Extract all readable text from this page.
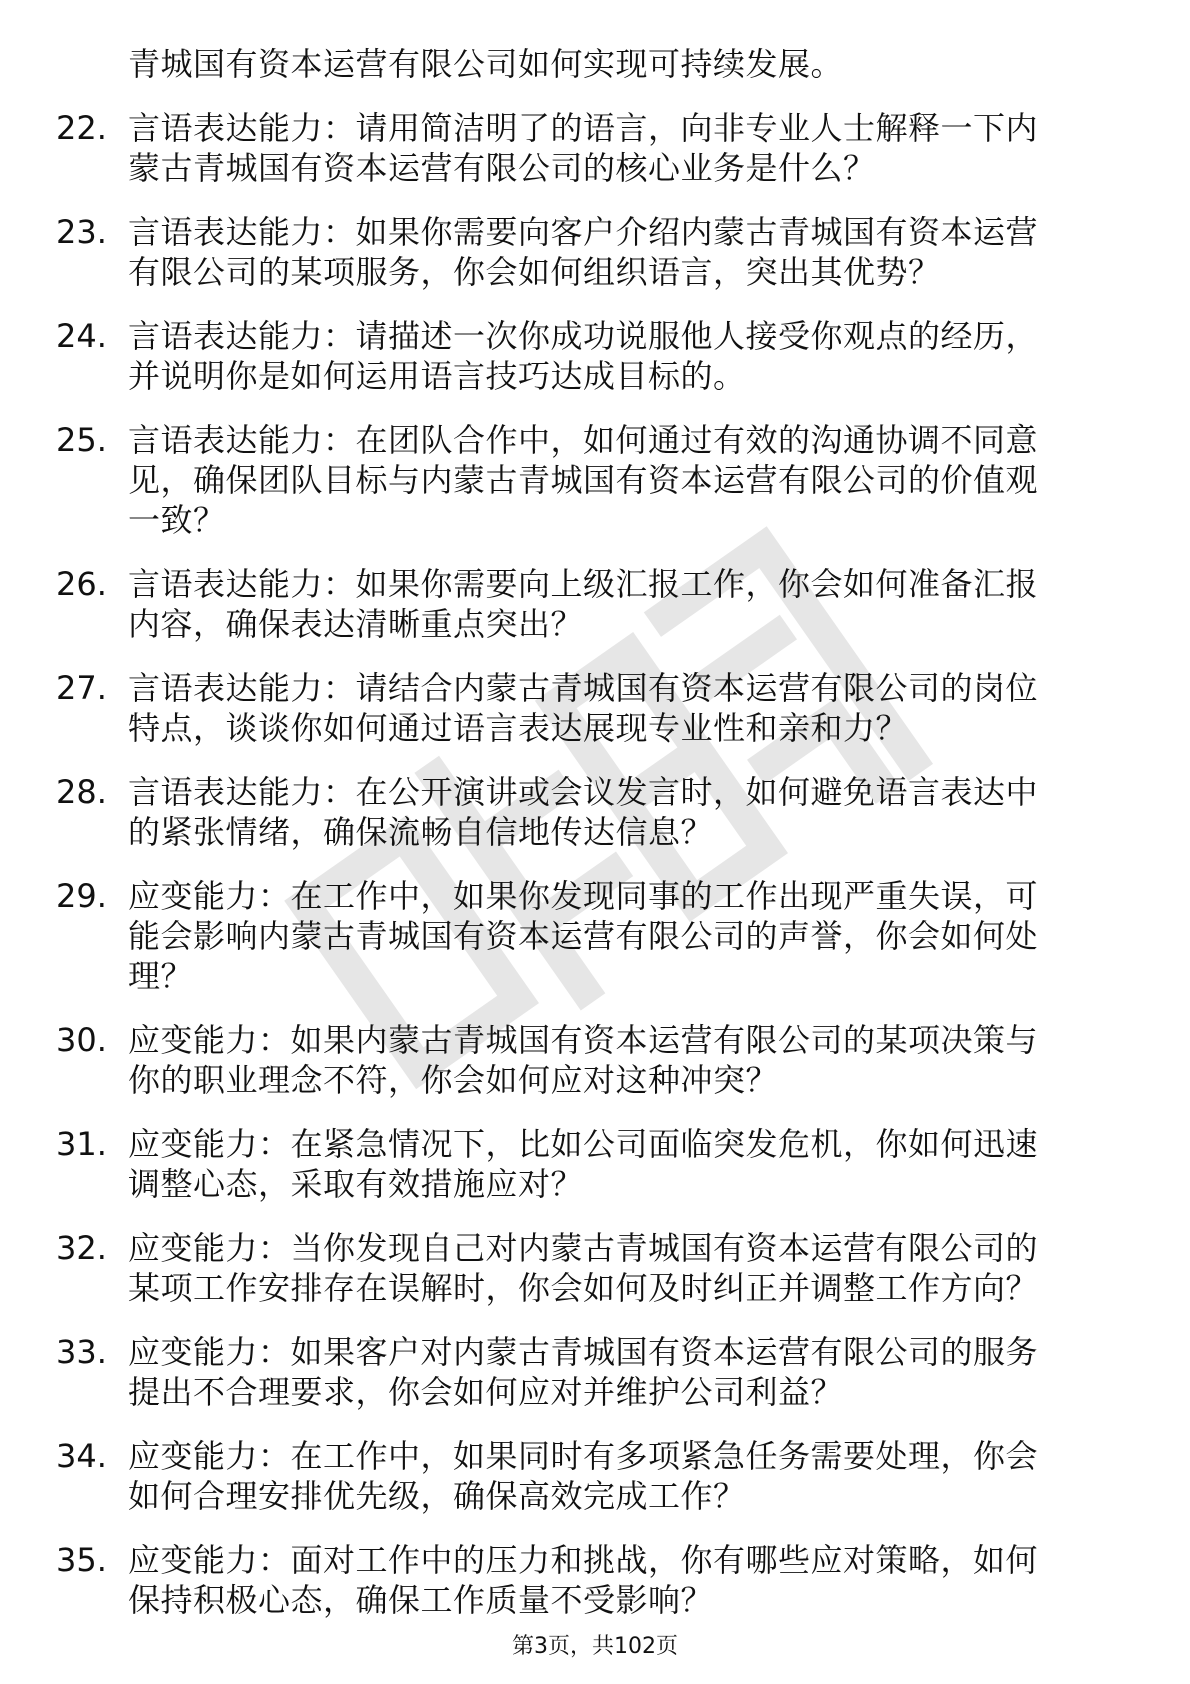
青城国有资本运营有限公司如何实现可持续发展。
22. 言语表达能力：请用简洁明了的语言，向非专业人士解释一下内
蒙古青城国有资本运营有限公司的核心业务是什么？
23. 言语表达能力：如果你需要向客户介绍内蒙古青城国有资本运营
有限公司的某项服务，你会如何组织语言，突出其优势？
24. 言语表达能力：请描述一次你成功说服他人接受你观点的经历，
并说明你是如何运用语言技巧达成目标的。
25. 言语表达能力：在团队合作中，如何通过有效的沟通协调不同意
见，确保团队目标与内蒙古青城国有资本运营有限公司的价值观
一致？
26. 言语表达能力：如果你需要向上级汇报工作，你会如何准备汇报
内容，确保表达清晰重点突出？
27. 言语表达能力：请结合内蒙古青城国有资本运营有限公司的岗位
特点，谈谈你如何通过语言表达展现专业性和亲和力？
28. 言语表达能力：在公开演讲或会议发言时，如何避免语言表达中
的紧张情绪，确保流畅自信地传达信息？
29. 应变能力：在工作中，如果你发现同事的工作出现严重失误，可
能会影响内蒙古青城国有资本运营有限公司的声誉，你会如何处
理？
30. 应变能力：如果内蒙古青城国有资本运营有限公司的某项决策与
你的职业理念不符，你会如何应对这种冲突？
31. 应变能力：在紧急情况下，比如公司面临突发危机，你如何迅速
调整心态，采取有效措施应对？
32. 应变能力：当你发现自己对内蒙古青城国有资本运营有限公司的
某项工作安排存在误解时，你会如何及时纠正并调整工作方向？
33. 应变能力：如果客户对内蒙古青城国有资本运营有限公司的服务
提出不合理要求，你会如何应对并维护公司利益？
34. 应变能力：在工作中，如果同时有多项紧急任务需要处理，你会
如何合理安排优先级，确保高效完成工作？
35. 应变能力：面对工作中的压力和挑战，你有哪些应对策略，如何
保持积极心态，确保工作质量不受影响？
第3页，共102页
